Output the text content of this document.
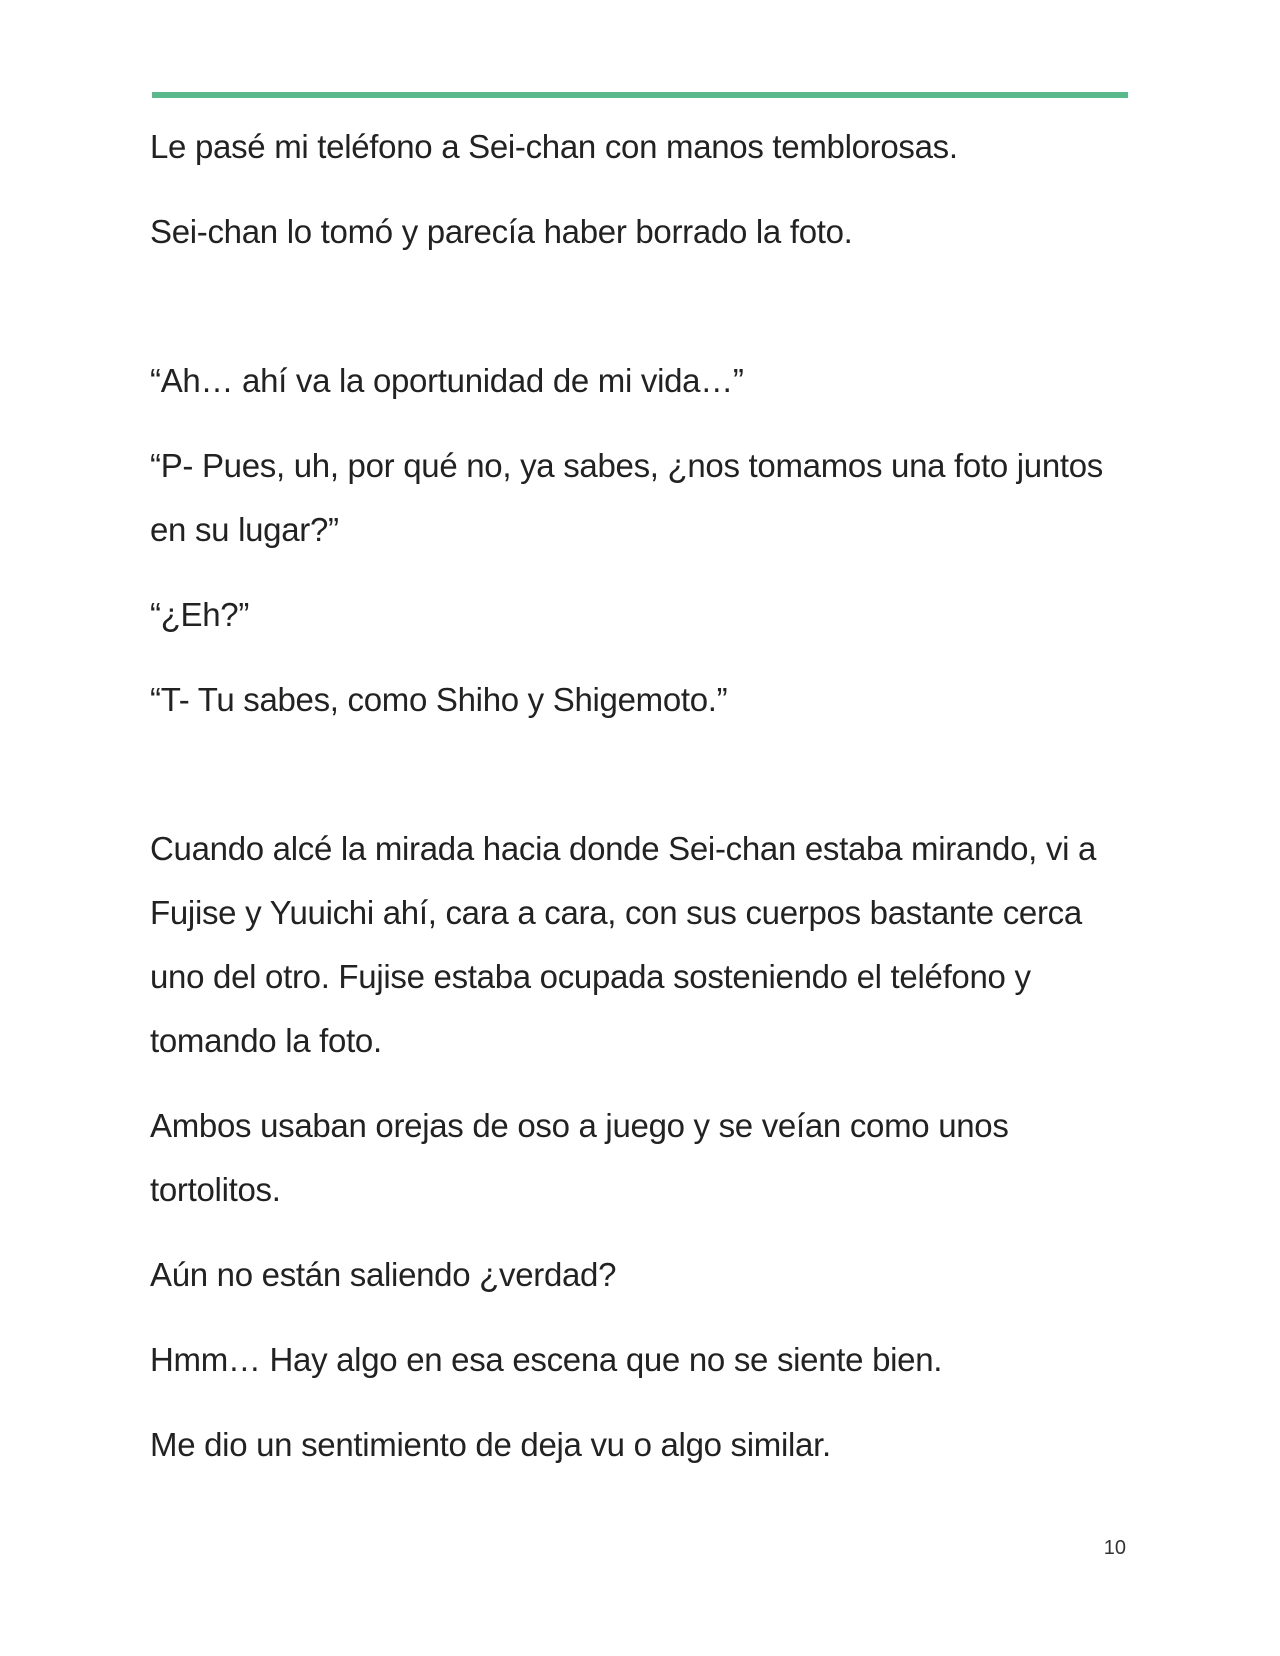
Le pasé mi teléfono a Sei-chan con manos temblorosas.

Sei-chan lo tomó y parecía haber borrado la foto.

“Ah… ahí va la oportunidad de mi vida…”

“P- Pues, uh, por qué no, ya sabes, ¿nos tomamos una foto juntos en su lugar?”

“¿Eh?”

“T- Tu sabes, como Shiho y Shigemoto.”

Cuando alcé la mirada hacia donde Sei-chan estaba mirando, vi a Fujise y Yuuichi ahí, cara a cara, con sus cuerpos bastante cerca uno del otro. Fujise estaba ocupada sosteniendo el teléfono y tomando la foto.

Ambos usaban orejas de oso a juego y se veían como unos tortolitos.

Aún no están saliendo ¿verdad?

Hmm… Hay algo en esa escena que no se siente bien.

Me dio un sentimiento de deja vu o algo similar.

10
